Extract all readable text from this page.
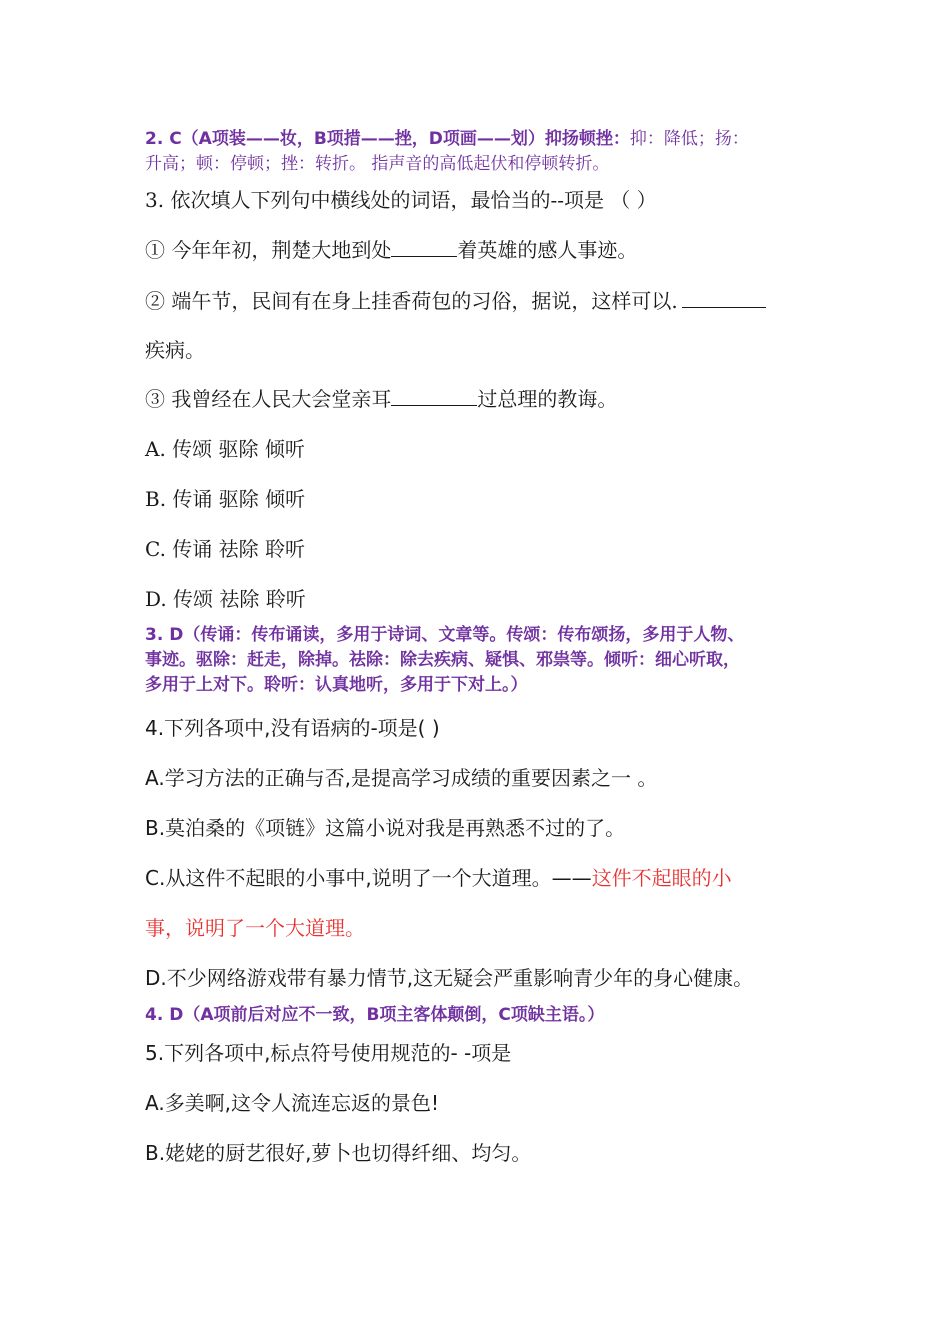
2. C（A项装——妆，B项措——挫，D项画——划）抑扬顿挫：抑：降低；扬：
升高；顿：停顿；挫：转折。 指声音的高低起伏和停顿转折。
3. 依次填人下列句中横线处的词语，最恰当的--项是 （ ）
① 今年年初，荆楚大地到处	着英雄的感人事迹。
② 端午节，民间有在身上挂香荷包的习俗，据说，这样可以.
疾病。
③ 我曾经在人民大会堂亲耳	过总理的教诲。
A. 传颂 驱除 倾听
B. 传诵 驱除 倾听
C. 传诵 祛除 聆听
D. 传颂 祛除 聆听
3. D（传诵：传布诵读，多用于诗词、文章等。传颂：传布颂扬，多用于人物、
事迹。驱除：赶走，除掉。祛除：除去疾病、疑惧、邪祟等。倾听：细心听取，
多用于上对下。聆听：认真地听，多用于下对上。）
4.下列各项中,没有语病的-项是( )
A.学习方法的正确与否,是提高学习成绩的重要因素之一 。
B.莫泊桑的《项链》这篇小说对我是再熟悉不过的了。
C.从这件不起眼的小事中,说明了一个大道理。——这件不起眼的小
事，说明了一个大道理。
D.不少网络游戏带有暴力情节,这无疑会严重影响青少年的身心健康。
4. D（A项前后对应不一致，B项主客体颠倒，C项缺主语。）
5.下列各项中,标点符号使用规范的- -项是
A.多美啊,这令人流连忘返的景色!
B.姥姥的厨艺很好,萝卜也切得纤细、均匀。
